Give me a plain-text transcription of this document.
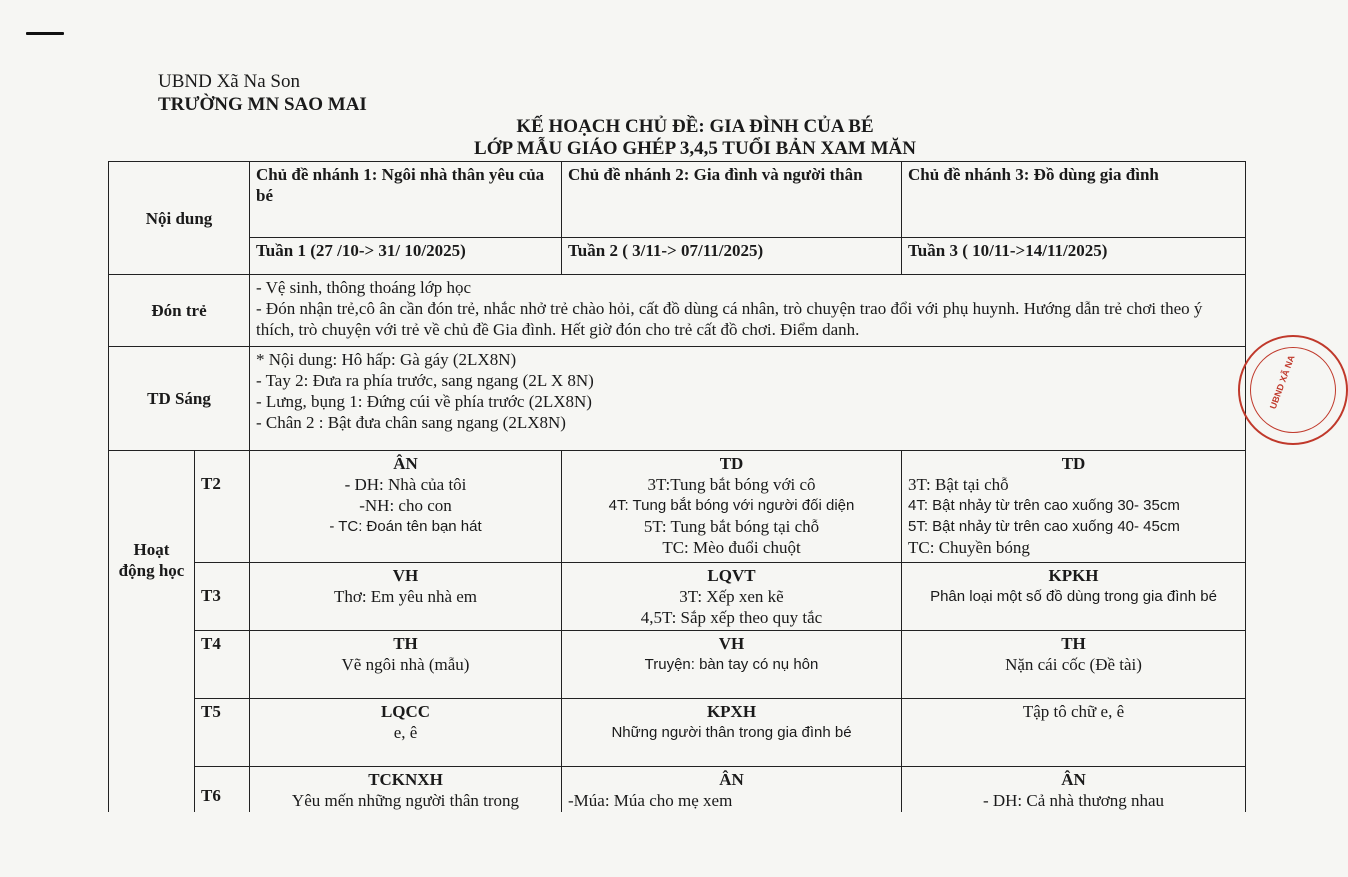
UBND Xã Na Son
TRƯỜNG MN SAO MAI
KẾ HOẠCH CHỦ ĐỀ: GIA ĐÌNH CỦA BÉ
LỚP MẪU GIÁO GHÉP 3,4,5 TUỔI BẢN XAM MĂN
Nội dung		Chủ đề nhánh 1: Ngôi nhà thân yêu của bé	Chủ đề nhánh 2: Gia đình và người thân	Chủ đề nhánh 3: Đồ dùng gia đình
		Tuần 1 (27 /10-> 31/ 10/2025)	Tuần 2 ( 3/11-> 07/11/2025)	Tuần 3 ( 10/11->14/11/2025)
Đón trẻ		- Vệ sinh, thông thoáng lớp học
- Đón nhận trẻ,cô ân cần đón trẻ, nhắc nhở trẻ chào hỏi, cất đồ dùng cá nhân, trò chuyện trao đổi với phụ huynh. Hướng dẫn trẻ chơi theo ý thích, trò chuyện với trẻ về chủ đề Gia đình. Hết giờ đón cho trẻ cất đồ chơi. Điểm danh.		

TD Sáng		* Nội dung: Hô hấp: Gà gáy (2LX8N)
- Tay 2: Đưa ra phía trước, sang ngang (2L X 8N)
- Lưng, bụng 1: Đứng cúi về phía trước (2LX8N)
- Chân 2 : Bật đưa chân sang ngang (2LX8N)		

Hoạt động học	T2	ÂN
- DH: Nhà của tôi
-NH: cho con
- TC: Đoán tên bạn hát	TD
3T:Tung bắt bóng với cô
4T: Tung bắt bóng với người đối diện
5T: Tung bắt bóng tại chỗ
TC: Mèo đuổi chuột	TD
3T: Bật tại chỗ
4T: Bật nhảy từ trên cao xuống 30- 35cm
5T: Bật nhảy từ trên cao xuống 40- 45cm
TC: Chuyền bóng

	T3	VH
Thơ: Em yêu nhà em	LQVT
3T: Xếp xen kẽ
4,5T: Sắp xếp theo quy tắc	KPKH
Phân loại một số đồ dùng trong gia đình bé

	T4	TH
Vẽ ngôi nhà (mẫu)	VH
Truyện: bàn tay có nụ hôn	TH
Nặn cái cốc (Đề tài)

	T5	LQCC
e, ê	KPXH
Những người thân trong gia đình bé	Tập tô chữ e, ê

	T6	TCKNXH
Yêu mến những người thân trong	ÂN
-Múa: Múa cho mẹ xem	ÂN
- DH: Cả nhà thương nhau
UBND XÃ NA
